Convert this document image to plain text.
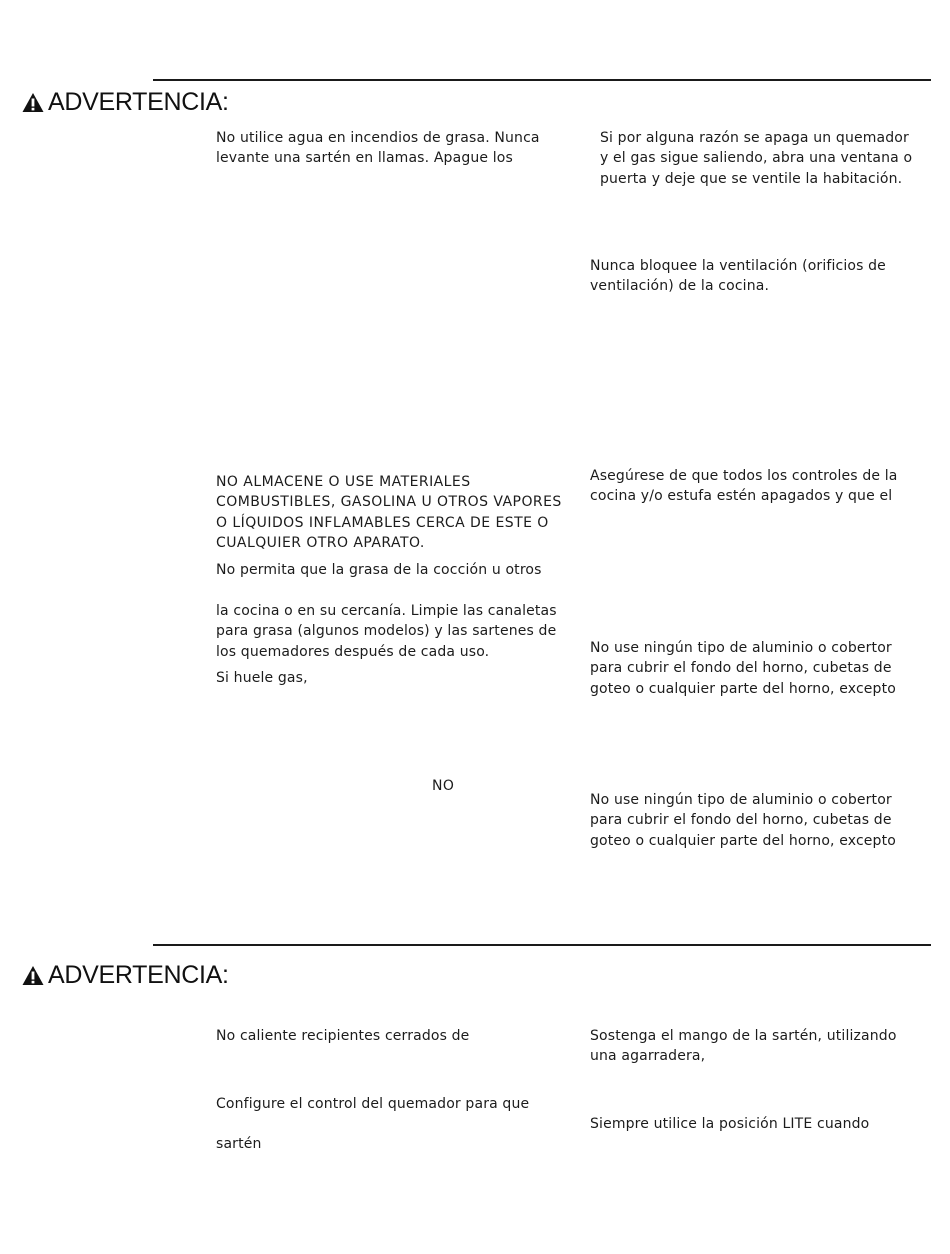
ADVERTENCIA:
No utilice agua en incendios de grasa. Nunca
levante una sartén en llamas. Apague los
Si por alguna razón se apaga un quemador
y el gas sigue saliendo, abra una ventana o
puerta y deje que se ventile la habitación.
Nunca bloquee la ventilación (orificios de
ventilación) de la cocina.
NO ALMACENE O USE MATERIALES
COMBUSTIBLES, GASOLINA U OTROS VAPORES
O LÍQUIDOS INFLAMABLES CERCA DE ESTE O
CUALQUIER OTRO APARATO.
Asegúrese de que todos los controles de la
cocina y/o estufa estén apagados y que el
No permita que la grasa de la cocción u otros
la cocina o en su cercanía. Limpie las canaletas
para grasa (algunos modelos) y las sartenes de
los quemadores después de cada uso.	No use ningún tipo de aluminio o cobertor
para cubrir el fondo del horno, cubetas de
goteo o cualquier parte del horno, excepto
Si huele gas,
NO
No use ningún tipo de aluminio o cobertor
para cubrir el fondo del horno, cubetas de
goteo o cualquier parte del horno, excepto
ADVERTENCIA:
No caliente recipientes cerrados de	Sostenga el mango de la sartén, utilizando
una agarradera,
Configure el control del quemador para que
Siempre utilice la posición LITE cuando
sartén
